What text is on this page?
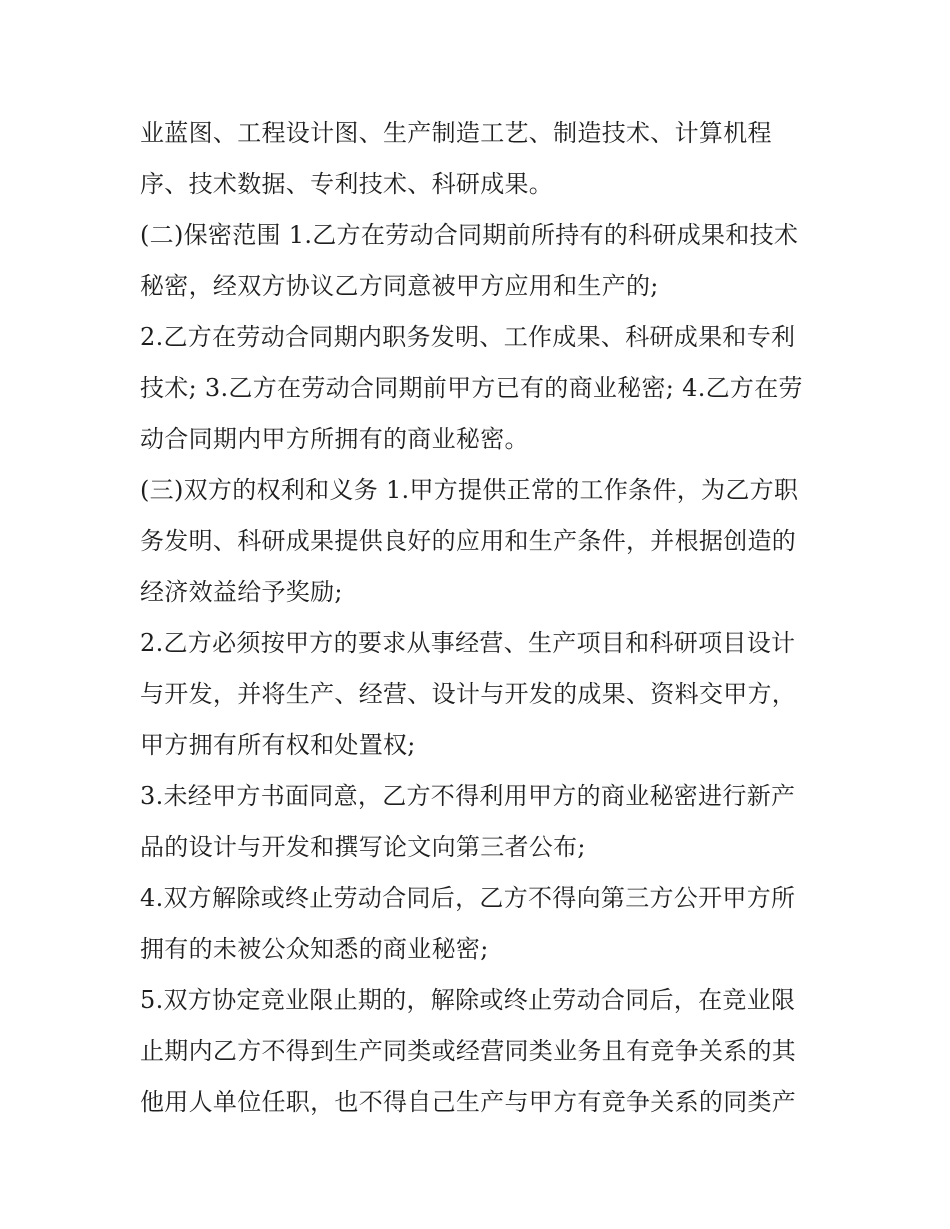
业蓝图、工程设计图、生产制造工艺、制造技术、计算机程
序、技术数据、专利技术、科研成果。
(二)保密范围 1.乙方在劳动合同期前所持有的科研成果和技术
秘密，经双方协议乙方同意被甲方应用和生产的;
2.乙方在劳动合同期内职务发明、工作成果、科研成果和专利
技术; 3.乙方在劳动合同期前甲方已有的商业秘密; 4.乙方在劳
动合同期内甲方所拥有的商业秘密。
(三)双方的权利和义务 1.甲方提供正常的工作条件，为乙方职
务发明、科研成果提供良好的应用和生产条件，并根据创造的
经济效益给予奖励;
2.乙方必须按甲方的要求从事经营、生产项目和科研项目设计
与开发，并将生产、经营、设计与开发的成果、资料交甲方，
甲方拥有所有权和处置权;
3.未经甲方书面同意，乙方不得利用甲方的商业秘密进行新产
品的设计与开发和撰写论文向第三者公布;
4.双方解除或终止劳动合同后，乙方不得向第三方公开甲方所
拥有的未被公众知悉的商业秘密;
5.双方协定竞业限止期的，解除或终止劳动合同后，在竞业限
止期内乙方不得到生产同类或经营同类业务且有竞争关系的其
他用人单位任职，也不得自己生产与甲方有竞争关系的同类产
